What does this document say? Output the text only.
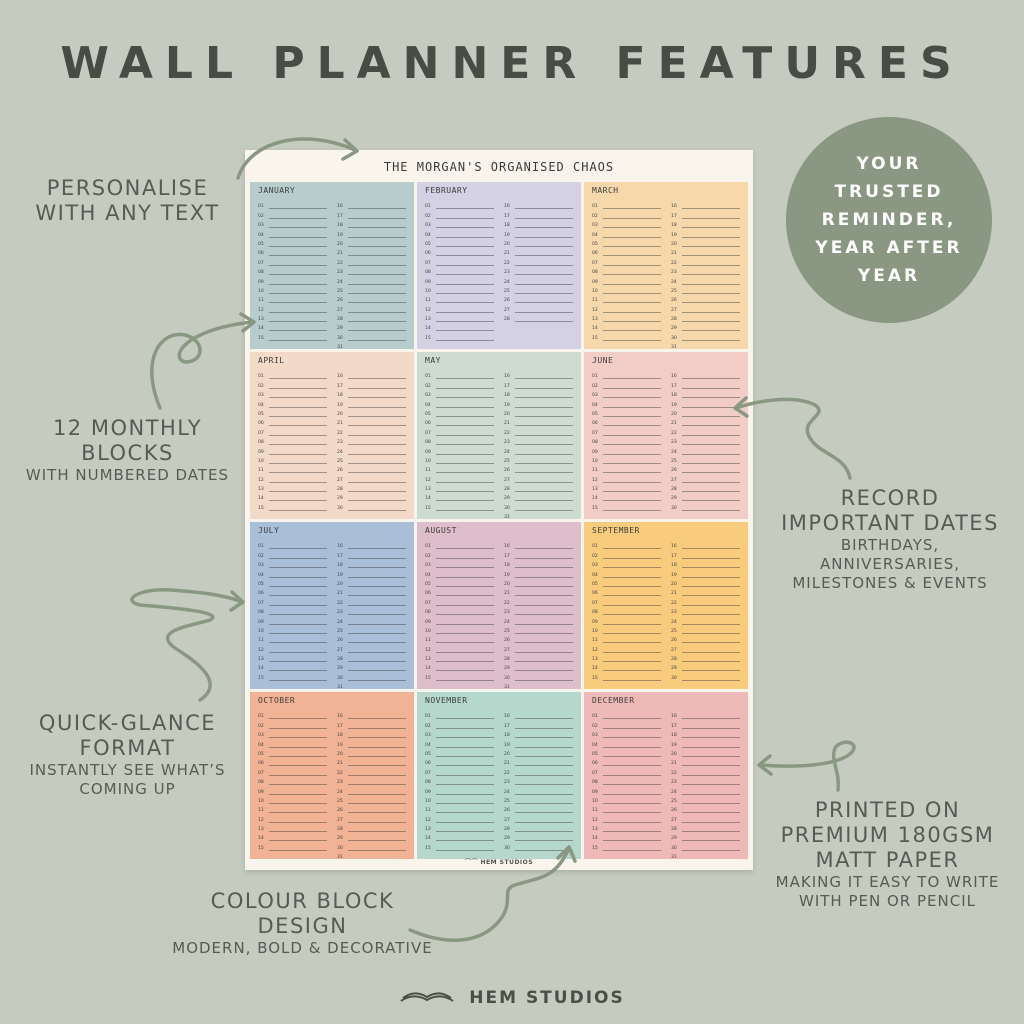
WALL PLANNER FEATURES
PERSONALISE
WITH ANY TEXT
12 MONTHLY
BLOCKS
WITH NUMBERED DATES
QUICK-GLANCE
FORMAT
INSTANTLY SEE WHAT’S
COMING UP
RECORD
IMPORTANT DATES
BIRTHDAYS,
ANNIVERSARIES,
MILESTONES & EVENTS
PRINTED ON
PREMIUM 180GSM
MATT PAPER
MAKING IT EASY TO WRITE
WITH PEN OR PENCIL
COLOUR BLOCK
DESIGN
MODERN, BOLD & DECORATIVE
YOUR
TRUSTED
REMINDER,
YEAR AFTER
YEAR
THE MORGAN'S ORGANISED CHAOS
JANUARY
01
02
03
04
05
06
07
08
09
10
11
12
13
14
15
16
17
18
19
20
21
22
23
24
25
26
27
28
29
30
31
FEBRUARY
01
02
03
04
05
06
07
08
09
10
11
12
13
14
15
16
17
18
19
20
21
22
23
24
25
26
27
28
MARCH
01
02
03
04
05
06
07
08
09
10
11
12
13
14
15
16
17
18
19
20
21
22
23
24
25
26
27
28
29
30
31
APRIL
01
02
03
04
05
06
07
08
09
10
11
12
13
14
15
16
17
18
19
20
21
22
23
24
25
26
27
28
29
30
MAY
01
02
03
04
05
06
07
08
09
10
11
12
13
14
15
16
17
18
19
20
21
22
23
24
25
26
27
28
29
30
31
JUNE
01
02
03
04
05
06
07
08
09
10
11
12
13
14
15
16
17
18
19
20
21
22
23
24
25
26
27
28
29
30
JULY
01
02
03
04
05
06
07
08
09
10
11
12
13
14
15
16
17
18
19
20
21
22
23
24
25
26
27
28
29
30
31
AUGUST
01
02
03
04
05
06
07
08
09
10
11
12
13
14
15
16
17
18
19
20
21
22
23
24
25
26
27
28
29
30
31
SEPTEMBER
01
02
03
04
05
06
07
08
09
10
11
12
13
14
15
16
17
18
19
20
21
22
23
24
25
26
27
28
29
30
OCTOBER
01
02
03
04
05
06
07
08
09
10
11
12
13
14
15
16
17
18
19
20
21
22
23
24
25
26
27
28
29
30
31
NOVEMBER
01
02
03
04
05
06
07
08
09
10
11
12
13
14
15
16
17
18
19
20
21
22
23
24
25
26
27
28
29
30
DECEMBER
01
02
03
04
05
06
07
08
09
10
11
12
13
14
15
16
17
18
19
20
21
22
23
24
25
26
27
28
29
30
31
⌒⌒ HEM STUDIOS
HEM STUDIOS
